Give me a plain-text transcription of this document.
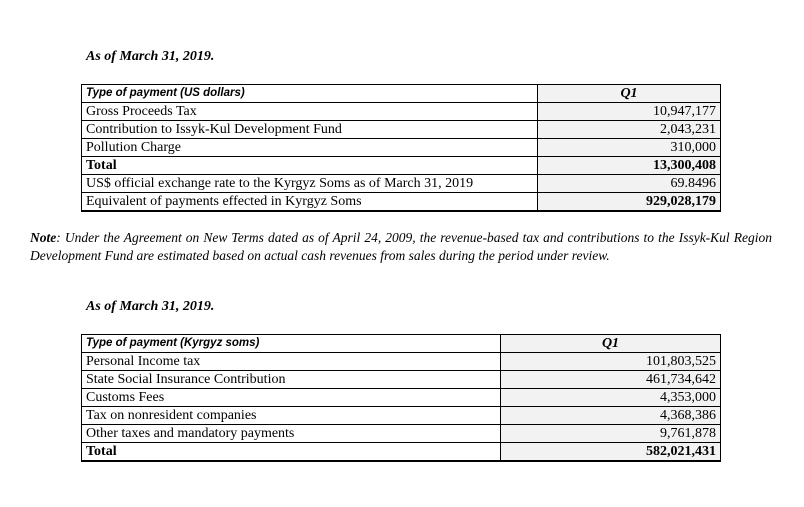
As of March 31, 2019.
Type of payment (US dollars)	Q1
Gross Proceeds Tax	10,947,177
Contribution to Issyk-Kul Development Fund	2,043,231
Pollution Charge	310,000
Total	13,300,408
US$ official exchange rate to the Kyrgyz Soms as of March 31, 2019	69.8496
Equivalent of payments effected in Kyrgyz Soms	929,028,179
Note: Under the Agreement on New Terms dated as of April 24, 2009, the revenue-based tax and contributions to the Issyk-Kul Region Development Fund are estimated based on actual cash revenues from sales during the period under review.
As of March 31, 2019.
Type of payment (Kyrgyz soms)	Q1
Personal Income tax	101,803,525
State Social Insurance Contribution	461,734,642
Customs Fees	4,353,000
Tax on nonresident companies	4,368,386
Other taxes and mandatory payments	9,761,878
Total	582,021,431
